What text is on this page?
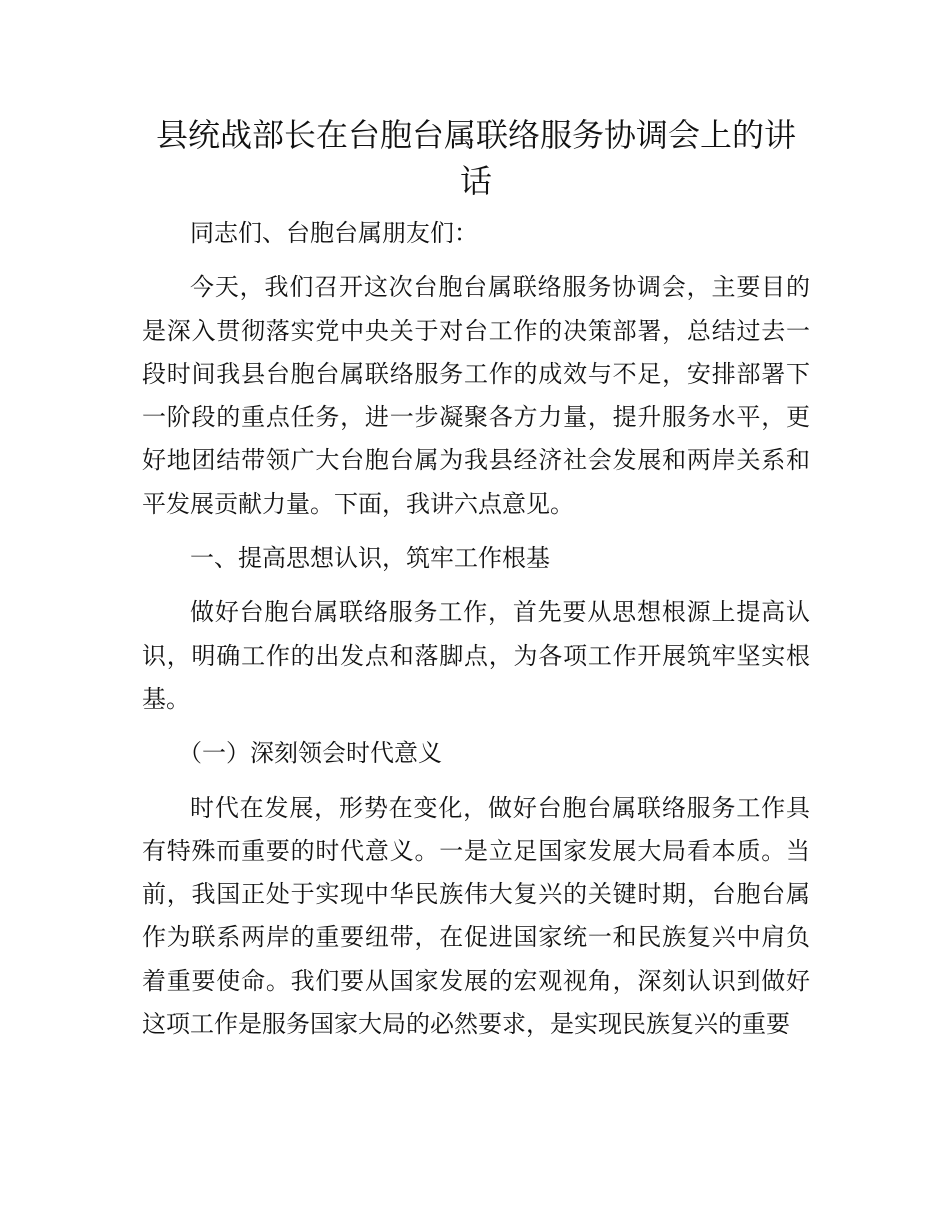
县统战部长在台胞台属联络服务协调会上的讲话

同志们、台胞台属朋友们：

今天，我们召开这次台胞台属联络服务协调会，主要目的是深入贯彻落实党中央关于对台工作的决策部署，总结过去一段时间我县台胞台属联络服务工作的成效与不足，安排部署下一阶段的重点任务，进一步凝聚各方力量，提升服务水平，更好地团结带领广大台胞台属为我县经济社会发展和两岸关系和平发展贡献力量。下面，我讲六点意见。

一、提高思想认识，筑牢工作根基

做好台胞台属联络服务工作，首先要从思想根源上提高认识，明确工作的出发点和落脚点，为各项工作开展筑牢坚实根基。

（一）深刻领会时代意义

时代在发展，形势在变化，做好台胞台属联络服务工作具有特殊而重要的时代意义。一是立足国家发展大局看本质。当前，我国正处于实现中华民族伟大复兴的关键时期，台胞台属作为联系两岸的重要纽带，在促进国家统一和民族复兴中肩负着重要使命。我们要从国家发展的宏观视角，深刻认识到做好这项工作是服务国家大局的必然要求，是实现民族复兴的重要
